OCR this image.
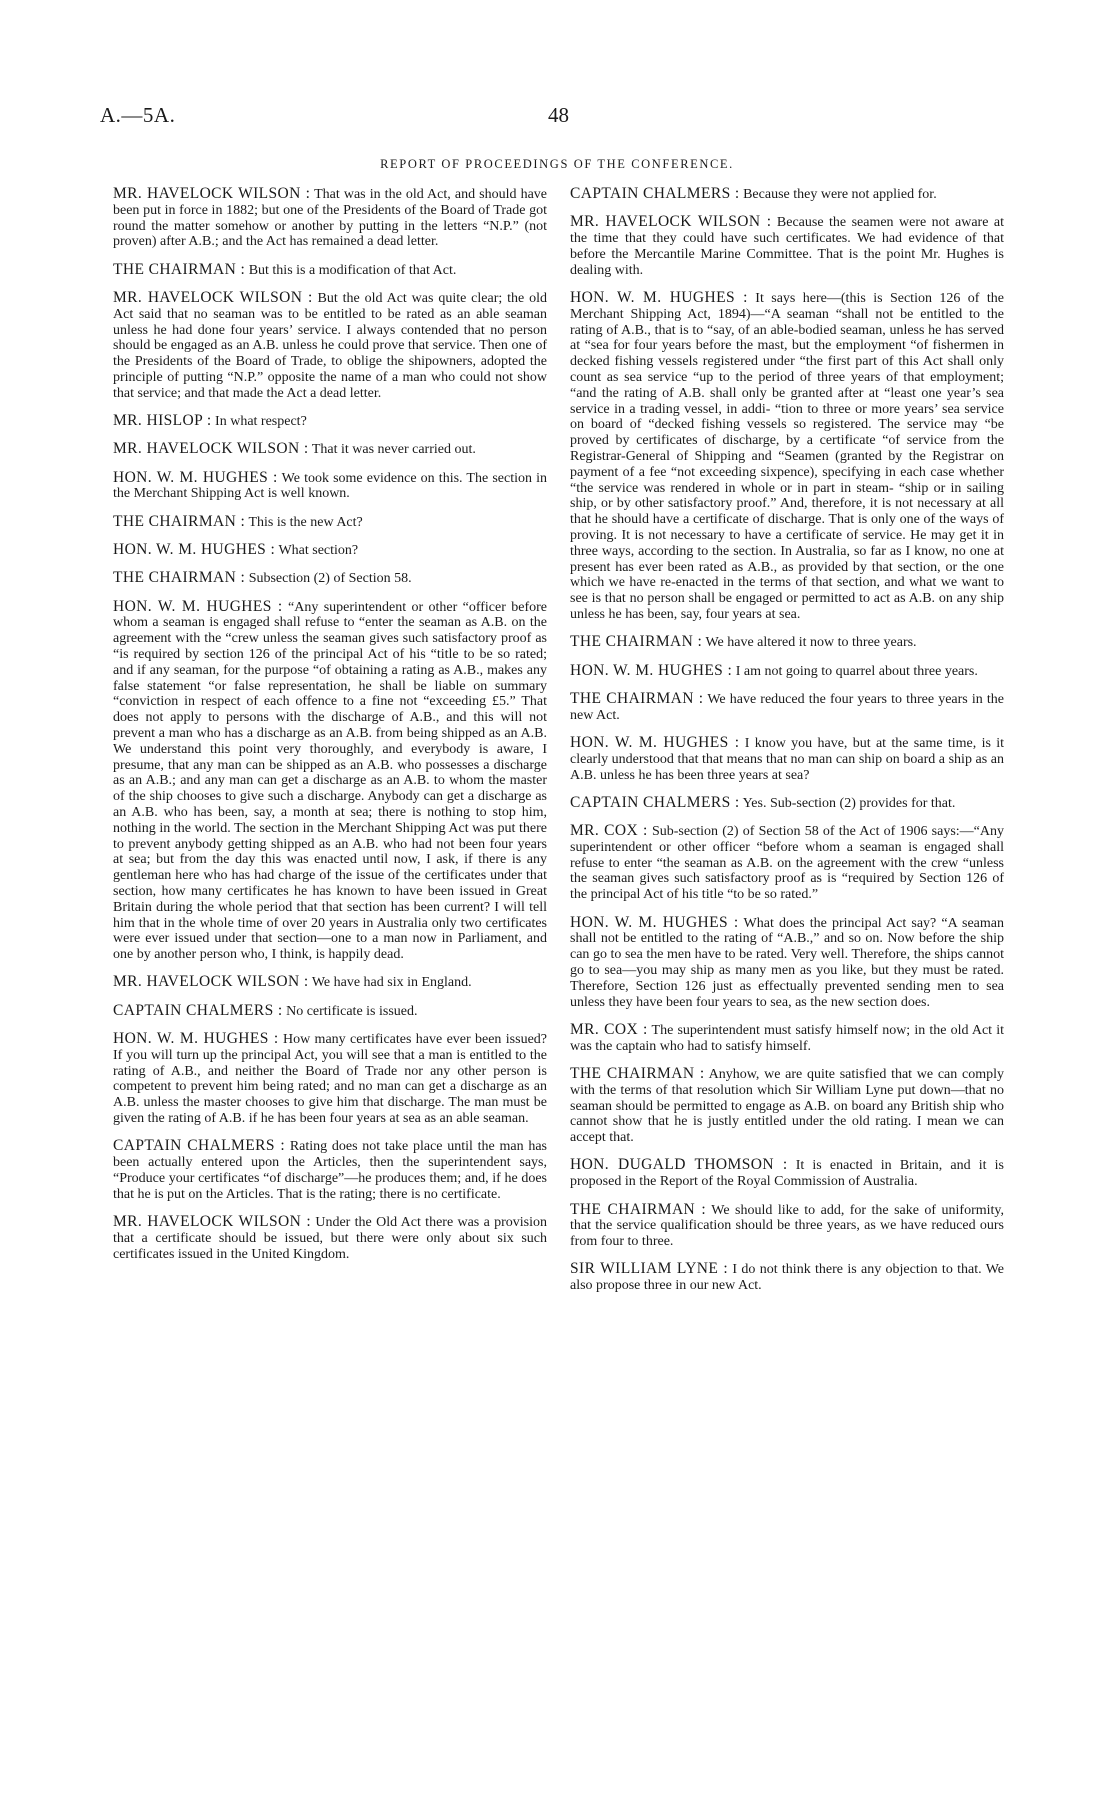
A.—5A.	48
REPORT OF PROCEEDINGS OF THE CONFERENCE.

MR. HAVELOCK WILSON : That was in the old Act, and should have been put in force in 1882; but one of the Presidents of the Board of Trade got round the matter somehow or another by putting in the letters “N.P.” (not proven) after A.B.; and the Act has remained a dead letter.

THE CHAIRMAN : But this is a modification of that Act.

MR. HAVELOCK WILSON : But the old Act was quite clear; the old Act said that no seaman was to be entitled to be rated as an able seaman unless he had done four years’ service. I always contended that no person should be engaged as an A.B. unless he could prove that service. Then one of the Presidents of the Board of Trade, to oblige the shipowners, adopted the principle of putting “N.P.” opposite the name of a man who could not show that service; and that made the Act a dead letter.

MR. HISLOP : In what respect?

MR. HAVELOCK WILSON : That it was never carried out.

HON. W. M. HUGHES : We took some evidence on this. The section in the Merchant Shipping Act is well known.

THE CHAIRMAN : This is the new Act?

HON. W. M. HUGHES : What section?

THE CHAIRMAN : Subsection (2) of Section 58.

HON. W. M. HUGHES : “Any superintendent or other “officer before whom a seaman is engaged shall refuse to “enter the seaman as A.B. on the agreement with the “crew unless the seaman gives such satisfactory proof as “is required by section 126 of the principal Act of his “title to be so rated; and if any seaman, for the purpose “of obtaining a rating as A.B., makes any false statement “or false representation, he shall be liable on summary “conviction in respect of each offence to a fine not “exceeding £5.” That does not apply to persons with the discharge of A.B., and this will not prevent a man who has a discharge as an A.B. from being shipped as an A.B. We understand this point very thoroughly, and everybody is aware, I presume, that any man can be shipped as an A.B. who possesses a discharge as an A.B.; and any man can get a discharge as an A.B. to whom the master of the ship chooses to give such a discharge. Anybody can get a discharge as an A.B. who has been, say, a month at sea; there is nothing to stop him, nothing in the world. The section in the Merchant Shipping Act was put there to prevent anybody getting shipped as an A.B. who had not been four years at sea; but from the day this was enacted until now, I ask, if there is any gentleman here who has had charge of the issue of the certificates under that section, how many certificates he has known to have been issued in Great Britain during the whole period that that section has been current? I will tell him that in the whole time of over 20 years in Australia only two certificates were ever issued under that section—one to a man now in Parliament, and one by another person who, I think, is happily dead.

MR. HAVELOCK WILSON : We have had six in England.

CAPTAIN CHALMERS : No certificate is issued.

HON. W. M. HUGHES : How many certificates have ever been issued? If you will turn up the principal Act, you will see that a man is entitled to the rating of A.B., and neither the Board of Trade nor any other person is competent to prevent him being rated; and no man can get a discharge as an A.B. unless the master chooses to give him that discharge. The man must be given the rating of A.B. if he has been four years at sea as an able seaman.

CAPTAIN CHALMERS : Rating does not take place until the man has been actually entered upon the Articles, then the superintendent says, “Produce your certificates “of discharge”—he produces them; and, if he does that he is put on the Articles. That is the rating; there is no certificate.

MR. HAVELOCK WILSON : Under the Old Act there was a provision that a certificate should be issued, but there were only about six such certificates issued in the United Kingdom.

CAPTAIN CHALMERS : Because they were not applied for.

MR. HAVELOCK WILSON : Because the seamen were not aware at the time that they could have such certificates. We had evidence of that before the Mercantile Marine Committee. That is the point Mr. Hughes is dealing with.

HON. W. M. HUGHES : It says here—(this is Section 126 of the Merchant Shipping Act, 1894)—“A seaman “shall not be entitled to the rating of A.B., that is to “say, of an able-bodied seaman, unless he has served at “sea for four years before the mast, but the employment “of fishermen in decked fishing vessels registered under “the first part of this Act shall only count as sea service “up to the period of three years of that employment; “and the rating of A.B. shall only be granted after at “least one year’s sea service in a trading vessel, in addi- “tion to three or more years’ sea service on board of “decked fishing vessels so registered. The service may “be proved by certificates of discharge, by a certificate “of service from the Registrar-General of Shipping and “Seamen (granted by the Registrar on payment of a fee “not exceeding sixpence), specifying in each case whether “the service was rendered in whole or in part in steam- “ship or in sailing ship, or by other satisfactory proof.” And, therefore, it is not necessary at all that he should have a certificate of discharge. That is only one of the ways of proving. It is not necessary to have a certificate of service. He may get it in three ways, according to the section. In Australia, so far as I know, no one at present has ever been rated as A.B., as provided by that section, or the one which we have re-enacted in the terms of that section, and what we want to see is that no person shall be engaged or permitted to act as A.B. on any ship unless he has been, say, four years at sea.

THE CHAIRMAN : We have altered it now to three years.

HON. W. M. HUGHES : I am not going to quarrel about three years.

THE CHAIRMAN : We have reduced the four years to three years in the new Act.

HON. W. M. HUGHES : I know you have, but at the same time, is it clearly understood that that means that no man can ship on board a ship as an A.B. unless he has been three years at sea?

CAPTAIN CHALMERS : Yes. Sub-section (2) provides for that.

MR. COX : Sub-section (2) of Section 58 of the Act of 1906 says:—“Any superintendent or other officer “before whom a seaman is engaged shall refuse to enter “the seaman as A.B. on the agreement with the crew “unless the seaman gives such satisfactory proof as is “required by Section 126 of the principal Act of his title “to be so rated.”

HON. W. M. HUGHES : What does the principal Act say? “A seaman shall not be entitled to the rating of “A.B.,” and so on. Now before the ship can go to sea the men have to be rated. Very well. Therefore, the ships cannot go to sea—you may ship as many men as you like, but they must be rated. Therefore, Section 126 just as effectually prevented sending men to sea unless they have been four years to sea, as the new section does.

MR. COX : The superintendent must satisfy himself now; in the old Act it was the captain who had to satisfy himself.

THE CHAIRMAN : Anyhow, we are quite satisfied that we can comply with the terms of that resolution which Sir William Lyne put down—that no seaman should be permitted to engage as A.B. on board any British ship who cannot show that he is justly entitled under the old rating. I mean we can accept that.

HON. DUGALD THOMSON : It is enacted in Britain, and it is proposed in the Report of the Royal Commission of Australia.

THE CHAIRMAN : We should like to add, for the sake of uniformity, that the service qualification should be three years, as we have reduced ours from four to three.

SIR WILLIAM LYNE : I do not think there is any objection to that. We also propose three in our new Act.
